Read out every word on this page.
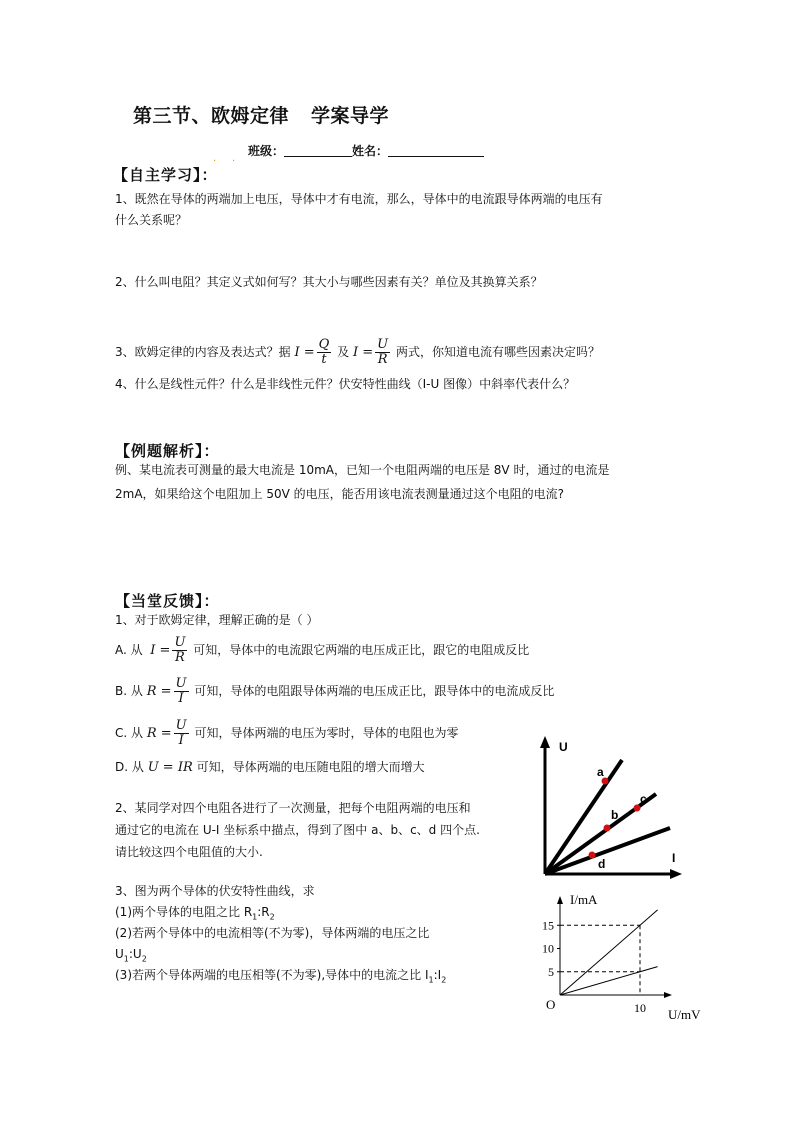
第三节、欧姆定律 学案导学
. .
班级：	姓名：
【自主学习】：
1、既然在导体的两端加上电压，导体中才有电流，那么，导体中的电流跟导体两端的电压有
什么关系呢？
2、什么叫电阻？其定义式如何写？其大小与哪些因素有关？单位及其换算关系？
3、欧姆定律的内容及表达式？据 $I = \frac{Q}{t}$ 及 $I = \frac{U}{R}$ 两式，你知道电流有哪些因素决定吗？
4、什么是线性元件？什么是非线性元件？伏安特性曲线（I-U 图像）中斜率代表什么？
【例题解析】：
例、某电流表可测量的最大电流是 10mA，已知一个电阻两端的电压是 8V 时，通过的电流是
2mA，如果给这个电阻加上 50V 的电压，能否用该电流表测量通过这个电阻的电流?
【当堂反馈】：
1、对于欧姆定律，理解正确的是（ ）
A. 从 $I = \frac{U}{R}$ 可知，导体中的电流跟它两端的电压成正比，跟它的电阻成反比
B. 从 $R = \frac{U}{I}$ 可知，导体的电阻跟导体两端的电压成正比，跟导体中的电流成反比
C. 从 $R = \frac{U}{I}$ 可知，导体两端的电压为零时，导体的电阻也为零
D. 从 U = IR 可知，导体两端的电压随电阻的增大而增大
2、某同学对四个电阻各进行了一次测量，把每个电阻两端的电压和
通过它的电流在 U-I 坐标系中描点，得到了图中 a、b、c、d 四个点.
请比较这四个电阻值的大小.
3、图为两个导体的伏安特性曲线，求
(1)两个导体的电阻之比 $R_1:R_2$
(2)若两个导体中的电流相等(不为零)，导体两端的电压之比
$U_1:U_2$
(3)若两个导体两端的电压相等(不为零),导体中的电流之比 $I_1:I_2$
U
I
a
b
c
d
I/mA
U/mV
O
5
10
15
10
